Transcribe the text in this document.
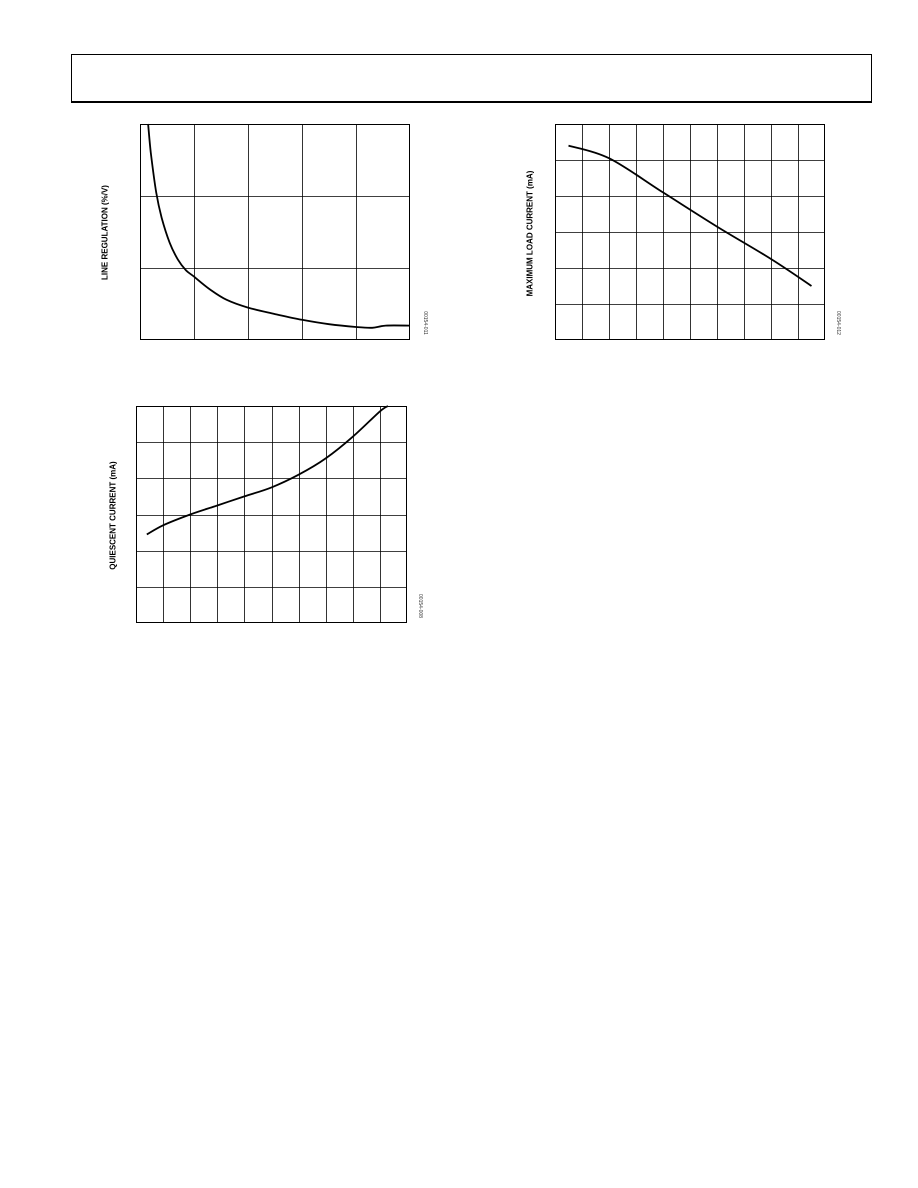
LINE REGULATION (%/V)
00154-011
MAXIMUM LOAD CURRENT (mA)
00154-012
QUIESCENT CURRENT (mA)
00154-008
